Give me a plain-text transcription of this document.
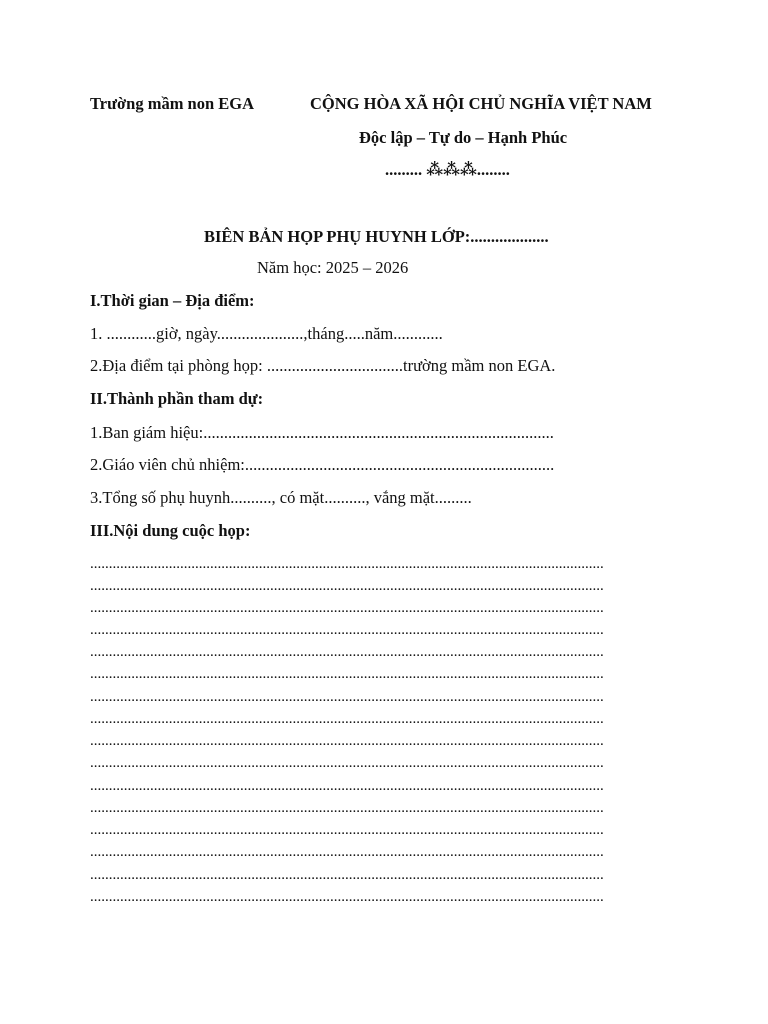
Trường mầm non EGA	CỘNG HÒA XÃ HỘI CHỦ NGHĨA VIỆT NAM
Độc lập – Tự do – Hạnh Phúc
......... ⁂⁂⁂........
BIÊN BẢN HỌP PHỤ HUYNH LỚP:...................
Năm học: 2025 – 2026
I.Thời gian – Địa điểm:
1. ............giờ, ngày.....................,tháng.....năm............
2.Địa điểm tại phòng họp: .................................trường mầm non EGA.
II.Thành phần tham dự:
1.Ban giám hiệu:.....................................................................................
2.Giáo viên chủ nhiệm:...........................................................................
3.Tổng số phụ huynh.........., có mặt.........., vắng mặt.........
III.Nội dung cuộc họp:
.........................................................................................................................................
.........................................................................................................................................
.........................................................................................................................................
.........................................................................................................................................
.........................................................................................................................................
.........................................................................................................................................
.........................................................................................................................................
.........................................................................................................................................
.........................................................................................................................................
.........................................................................................................................................
.........................................................................................................................................
.........................................................................................................................................
.........................................................................................................................................
.........................................................................................................................................
.........................................................................................................................................
.........................................................................................................................................
